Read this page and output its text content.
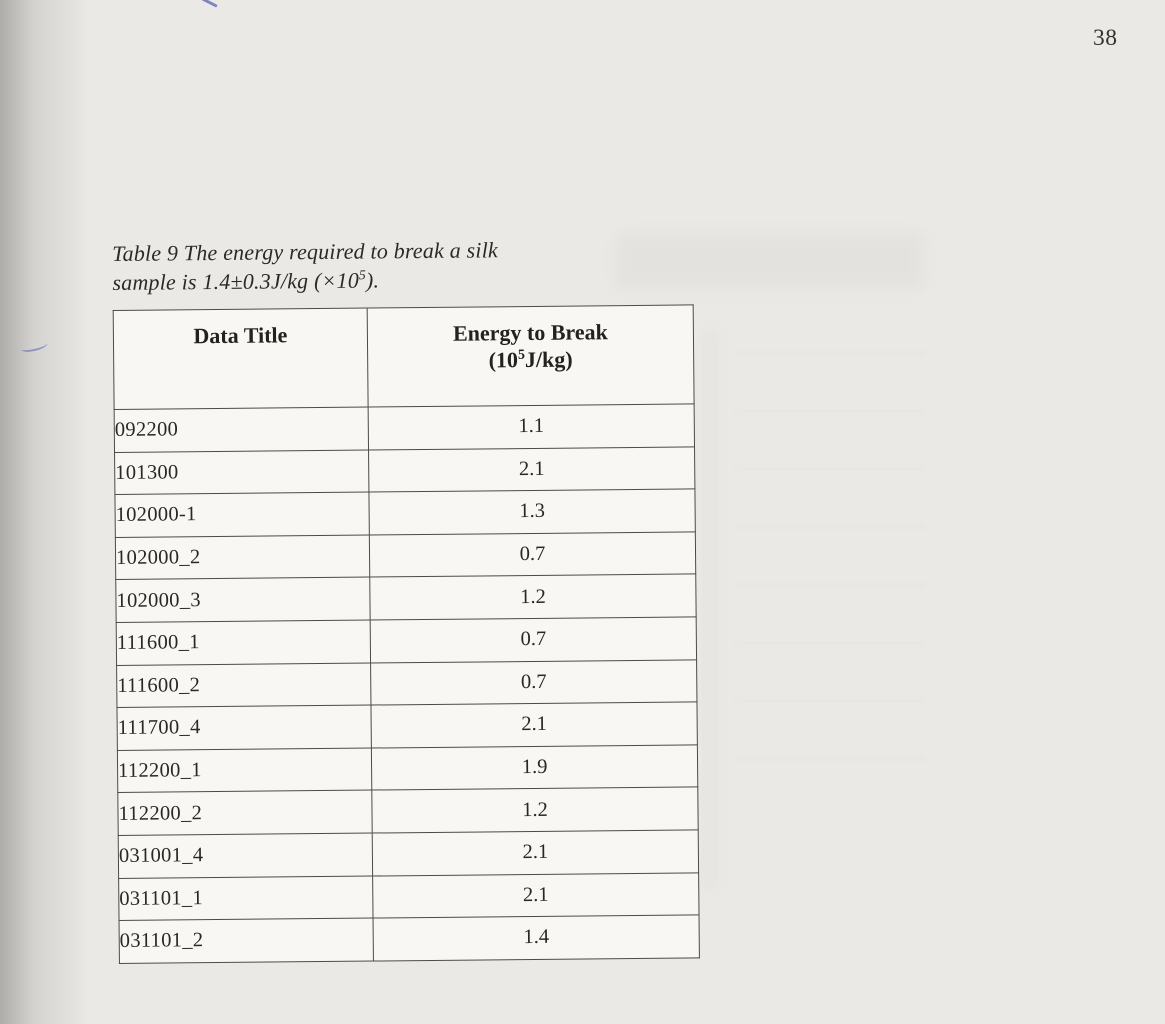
38
Table 9 The energy required to break a silk
sample is 1.4±0.3J/kg $(\times 10^5)$.
Data Title	Energy to Break
$(10^5J/kg)$
092200	1.1
101300	2.1
102000-1	1.3
102000_2	0.7
102000_3	1.2
111600_1	0.7
111600_2	0.7
111700_4	2.1
112200_1	1.9
112200_2	1.2
031001_4	2.1
031101_1	2.1
031101_2	1.4
